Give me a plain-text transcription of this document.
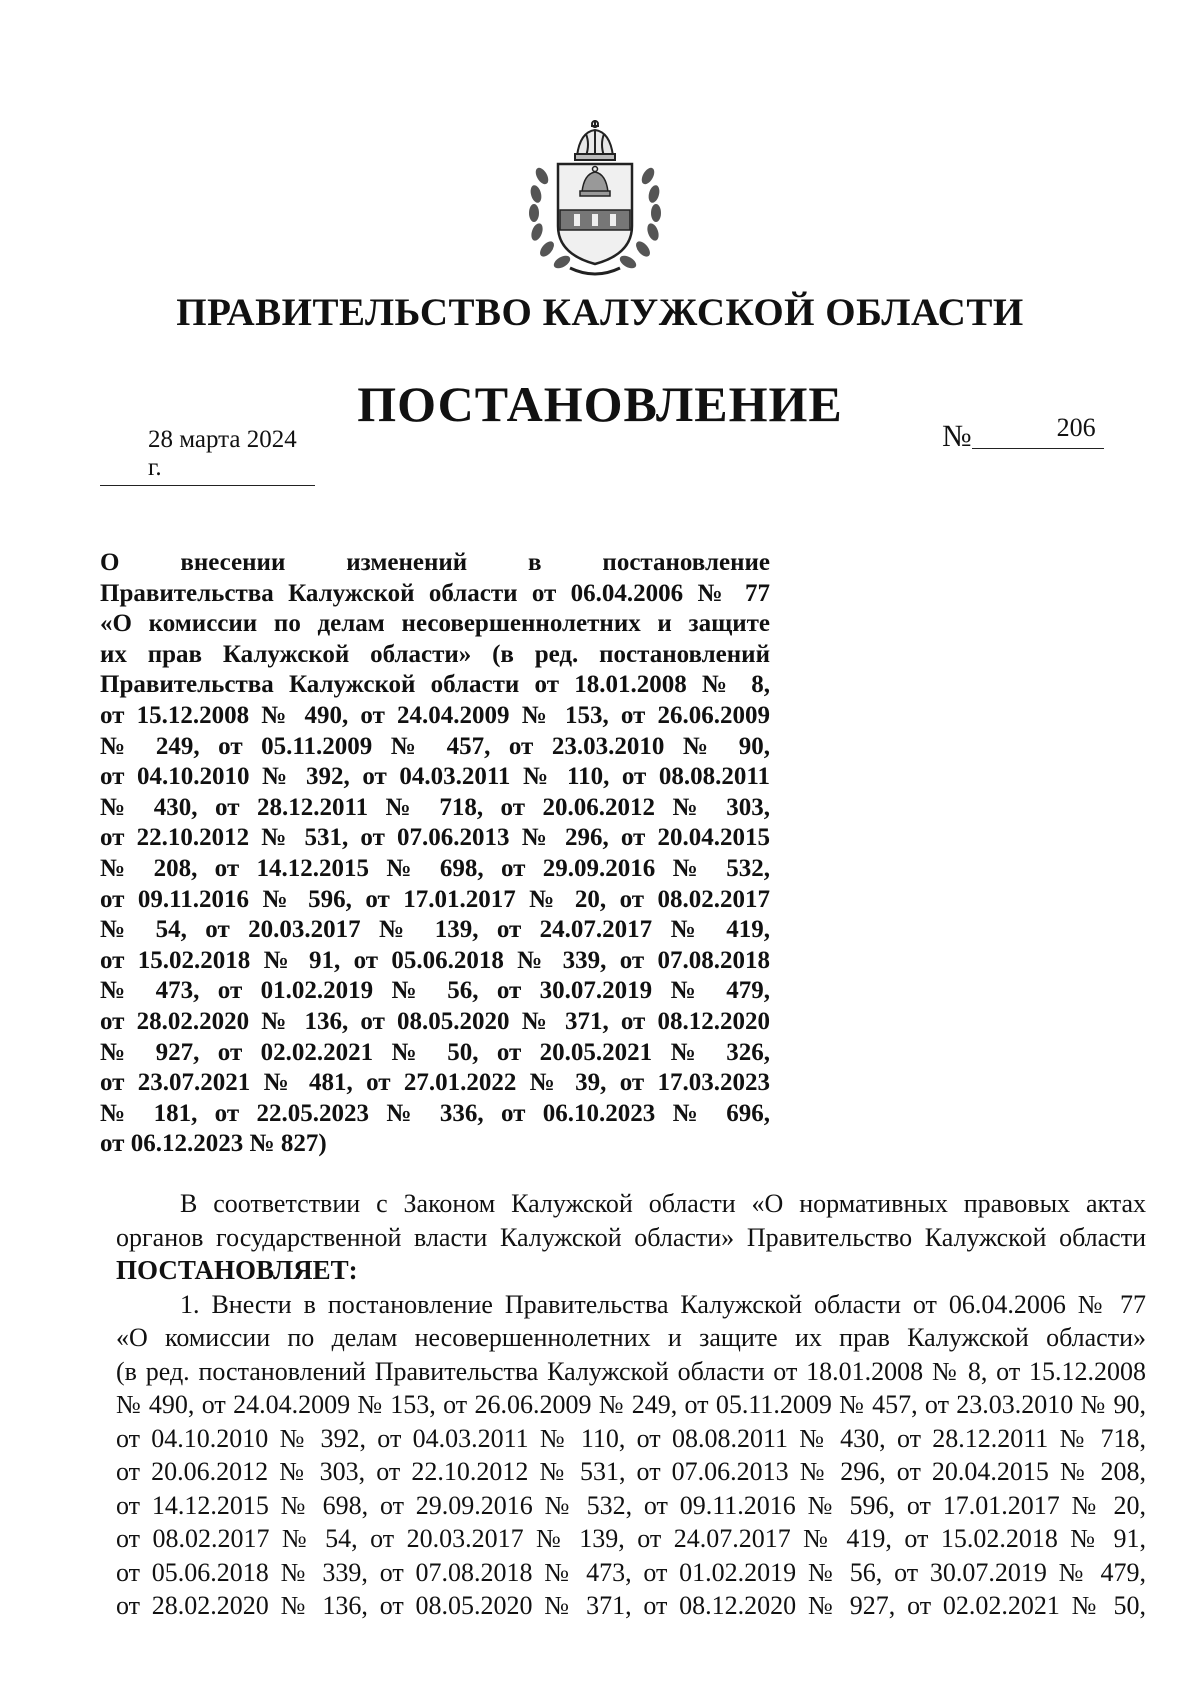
ПРАВИТЕЛЬСТВО КАЛУЖСКОЙ ОБЛАСТИ
ПОСТАНОВЛЕНИЕ
28 марта 2024 г.
№	206
О внесении изменений в постановление
Правительства Калужской области от 06.04.2006 № 77
«О комиссии по делам несовершеннолетних и защите
их прав Калужской области» (в ред. постановлений
Правительства Калужской области от 18.01.2008 № 8,
от 15.12.2008 № 490, от 24.04.2009 № 153, от 26.06.2009
№ 249, от 05.11.2009 № 457, от 23.03.2010 № 90,
от 04.10.2010 № 392, от 04.03.2011 № 110, от 08.08.2011
№ 430, от 28.12.2011 № 718, от 20.06.2012 № 303,
от 22.10.2012 № 531, от 07.06.2013 № 296, от 20.04.2015
№ 208, от 14.12.2015 № 698, от 29.09.2016 № 532,
от 09.11.2016 № 596, от 17.01.2017 № 20, от 08.02.2017
№ 54, от 20.03.2017 № 139, от 24.07.2017 № 419,
от 15.02.2018 № 91, от 05.06.2018 № 339, от 07.08.2018
№ 473, от 01.02.2019 № 56, от 30.07.2019 № 479,
от 28.02.2020 № 136, от 08.05.2020 № 371, от 08.12.2020
№ 927, от 02.02.2021 № 50, от 20.05.2021 № 326,
от 23.07.2021 № 481, от 27.01.2022 № 39, от 17.03.2023
№ 181, от 22.05.2023 № 336, от 06.10.2023 № 696,
от 06.12.2023 № 827)
В соответствии с Законом Калужской области «О нормативных правовых актах
органов государственной власти Калужской области» Правительство Калужской области
ПОСТАНОВЛЯЕТ:
1. Внести в постановление Правительства Калужской области от 06.04.2006 № 77
«О комиссии по делам несовершеннолетних и защите их прав Калужской области»
(в ред. постановлений Правительства Калужской области от 18.01.2008 № 8, от 15.12.2008
№ 490, от 24.04.2009 № 153, от 26.06.2009 № 249, от 05.11.2009 № 457, от 23.03.2010 № 90,
от 04.10.2010 № 392, от 04.03.2011 № 110, от 08.08.2011 № 430, от 28.12.2011 № 718,
от 20.06.2012 № 303, от 22.10.2012 № 531, от 07.06.2013 № 296, от 20.04.2015 № 208,
от 14.12.2015 № 698, от 29.09.2016 № 532, от 09.11.2016 № 596, от 17.01.2017 № 20,
от 08.02.2017 № 54, от 20.03.2017 № 139, от 24.07.2017 № 419, от 15.02.2018 № 91,
от 05.06.2018 № 339, от 07.08.2018 № 473, от 01.02.2019 № 56, от 30.07.2019 № 479,
от 28.02.2020 № 136, от 08.05.2020 № 371, от 08.12.2020 № 927, от 02.02.2021 № 50,
